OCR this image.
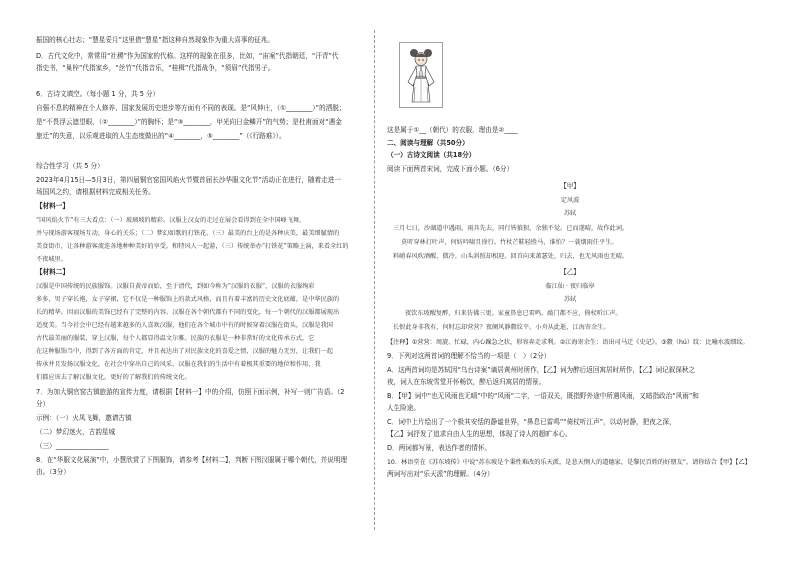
振国的核心壮志；“慧星妥月”这里借“慧星”指这种自然现象作为重大喜事的征兆。
D．古代文化中，常常用“社稷”作为国家的代称。这样的现象在很多，比如，“宙案”代指朝廷，“汗青”代
指史书，“巢梓”代指家乡，“丝竹”代指音乐，“桂楫”代指战争，“须眉”代指男子。
6．古诗文填空。（每小题 1 分，共 5 分）
自强不息的精神在个人修养、国家发展历史进步等方面有不同的表现。是“风伸庄，（①________）”的洒脱；
是“不畏浮云遮望眼，（②________）”的胸怀；是“③________，甲光向日金鳞开”的气势；是杜甫面对“遇金
旅迁”的失意，以乐观进取的人生态度做出的“④________，⑤________”（《行路难》）。
综合性学习（共 5 分）
2023年4月15日—5月3日，第四届铜官窑国风焰火节暨首届长沙华服文化节”活动正在进行，随着走进一
场国风之约，请根据材料完成相关任务。
【材料一】
“国风焰火节”有三大看点：（一）玻璃坡的精彩。汉服上汉女的走过在展会看得到在全中国峰飞舞，
并与现场游客现场互动，身心的关乐；（二）梦幻如歌的打铁花。（三）最美的台上的是各种庆美，最美细腻情的
美食街市，让各种游客流连各地种种美好的享受。和特风人一起游，（三）传统举办“打铁花”策略上演，来看全红的
不夜城里。
【材料二】
汉服是中国传统的民族服饰。汉服自黄帝而始，至于清代，到如今称为“汉服的衣服”，汉服的衣服绚彩
多多，男子穿长袍，女子穿裙，它不仅是一种服饰上的款式风格，而且有着丰富的历史文化底蕴，是中华民族的
长的精华。因而汉服的美饰已经有了完整的内容。汉服在各个朝代都有不同的变化，每一个朝代的汉服都展现出
适度美。当今社会中已经有越来越多的人喜欢汉服，他们在各个城市中有的时候穿着汉服在街头，汉服是我国
古代最美丽的服装，穿上汉服，每个人都显得温文尔雅。民族的衣服是一种非常好的文化传承方式，它
在这种服饰当中，得到了各方面的肯定，并且表达出了对民族文化的喜爱之情，汉服的魅力无穷，让我们一起
传承并且发扬汉服文化，在社会中穿出自己的风采，汉服在我们的生活中有着极其重要的地位和作用，我
们都应该去了解汉服文化，更好的了解我们的传统文化。
7．为加大铜官窑古镇旅游的宣传力度，请根据【材料一】中的介绍，仿照下面示例，补写一则广告语。（2
分）
示例：（一）火凤飞舞，邀请古镇
（二）梦幻迷火，古韵星城
（三）________________
8．在“华服文化展演”中，小慧欣赏了下图服饰，请参考【材料二】，判断下图汉服属于哪个朝代，并说明理
由。（3分）
这是属于①__（朝代）的衣服，理由是②____
二、阅读与理解（共50分）
（一）古诗文阅读（共18分）
阅读下面两首宋词，完成下面小题。（6分）
【甲】
定风波
苏轼
三月七日，沙湖道中遇雨。雨具先去，同行皆狼狈，余独不觉。已而遂晴，故作此词。
莫听穿林打叶声，何妨吟啸且徐行。竹杖芒鞋轻胜马，谁怕？一蓑烟雨任平生。
料峭春风吹酒醒，微冷，山头斜照却相迎。回首向来萧瑟处，归去，也无风雨也无晴。
【乙】
临江仙 · 夜归临皋
苏轼
夜饮东坡醒复醉，归来仿佛三更。家童鼻息已雷鸣。敲门都不应，倚杖听江声。
长恨此身非我有，何时忘却营营？夜阑风静縠纹平。小舟从此逝，江海寄余生。
【注释】①营营：周旋、忙碌，内心躁急之状，形容奔走求利。②江海寄余生：语出司马迁《史记》。③縠（hú）纹：比喻水波细纹。
9．下列对这两首词的理解不恰当的一项是（　）（2分）
A．这两首词均是苏轼因“乌台诗案”谪居黄州时所作，【乙】词为醉后返回寓居时所作，【乙】词记叙深秋之
夜，词人在东坡雪堂开怀畅饮，醉后返归寓居的情景。
B．【甲】词中“也无风雨也无晴”中的“风雨”二字，一语双关，既指野外途中所遇风雨，又暗指政治“风雨”和
人生险途。
C．词中上片绘出了一个极其安恬的静谧世界，“鼻息已雷鸣”“倚杖听江声”，以动衬静，把夜之深，
【乙】词抒发了追求自由人生的思想，体现了诗人的超旷本心。
D．两词都写景，表达作者的情怀。
10．林语堂在《苏东坡传》中说“苏东坡是个秉性难改的乐天派，是悲天悯人的道德家，是黎民百姓的好朋友”。请你结合【甲】【乙】
两词写出对“乐天派”的理解。（4分）
